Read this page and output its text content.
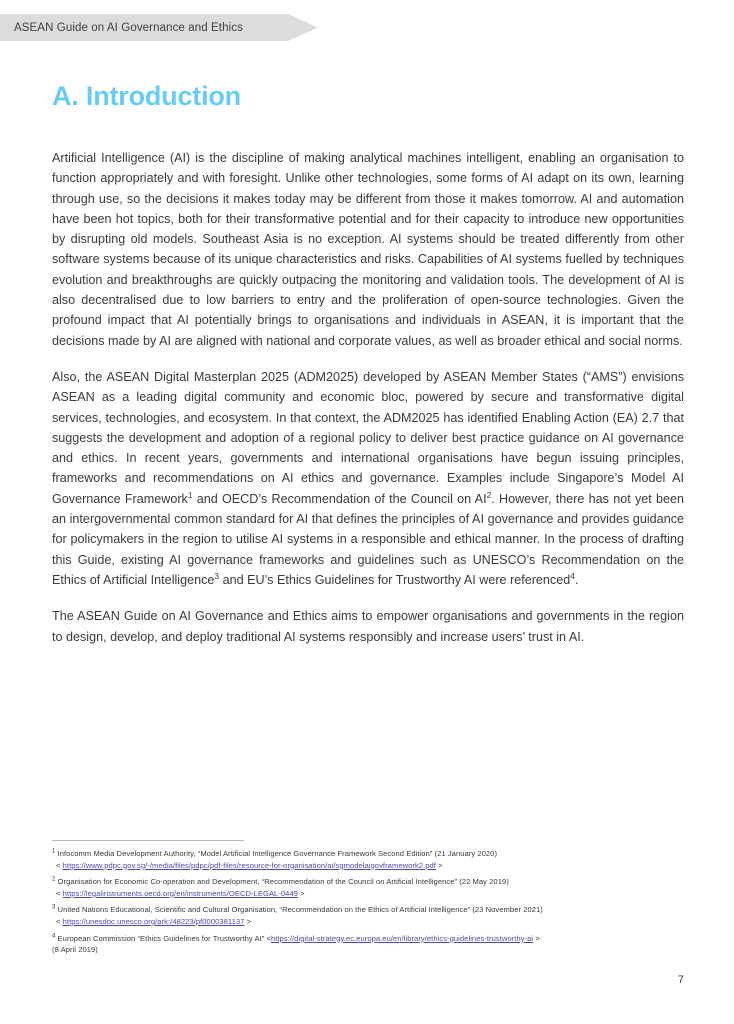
ASEAN Guide on AI Governance and Ethics
A. Introduction

Artificial Intelligence (AI) is the discipline of making analytical machines intelligent, enabling an organisation to function appropriately and with foresight. Unlike other technologies, some forms of AI adapt on its own, learning through use, so the decisions it makes today may be different from those it makes tomorrow. AI and automation have been hot topics, both for their transformative potential and for their capacity to introduce new opportunities by disrupting old models. Southeast Asia is no exception. AI systems should be treated differently from other software systems because of its unique characteristics and risks. Capabilities of AI systems fuelled by techniques evolution and breakthroughs are quickly outpacing the monitoring and validation tools. The development of AI is also decentralised due to low barriers to entry and the proliferation of open-source technologies. Given the profound impact that AI potentially brings to organisations and individuals in ASEAN, it is important that the decisions made by AI are aligned with national and corporate values, as well as broader ethical and social norms.

Also, the ASEAN Digital Masterplan 2025 (ADM2025) developed by ASEAN Member States (“AMS”) envisions ASEAN as a leading digital community and economic bloc, powered by secure and transformative digital services, technologies, and ecosystem. In that context, the ADM2025 has identified Enabling Action (EA) 2.7 that suggests the development and adoption of a regional policy to deliver best practice guidance on AI governance and ethics. In recent years, governments and international organisations have begun issuing principles, frameworks and recommendations on AI ethics and governance. Examples include Singapore’s Model AI Governance Framework$^1$ and OECD’s Recommendation of the Council on AI$^2$. However, there has not yet been an intergovernmental common standard for AI that defines the principles of AI governance and provides guidance for policymakers in the region to utilise AI systems in a responsible and ethical manner. In the process of drafting this Guide, existing AI governance frameworks and guidelines such as UNESCO’s Recommendation on the Ethics of Artificial Intelligence$^3$ and EU’s Ethics Guidelines for Trustworthy AI were referenced$^4$.

The ASEAN Guide on AI Governance and Ethics aims to empower organisations and governments in the region to design, develop, and deploy traditional AI systems responsibly and increase users’ trust in AI.

$^1$ Infocomm Media Development Authority, “Model Artificial Intelligence Governance Framework Second Edition” (21 January 2020)
< https://www.pdpc.gov.sg/-/media/files/pdpc/pdf-files/resource-for-organisation/ai/sgmodelaigovframework2.pdf >
$^2$ Organisation for Economic Co-operation and Development, “Recommendation of the Council on Artificial Intelligence” (22 May 2019)
< https://legalinstruments.oecd.org/en/instruments/OECD-LEGAL-0449 >
$^3$ United Nations Educational, Scientific and Cultural Organisation, “Recommendation on the Ethics of Artificial Intelligence” (23 November 2021)
< https://unesdoc.unesco.org/ark:/48223/pf0000381137 >
$^4$ European Commission “Ethics Guidelines for Trustworthy AI” <https://digital-strategy.ec.europa.eu/en/library/ethics-guidelines-trustworthy-ai >
(8 April 2019)
7
